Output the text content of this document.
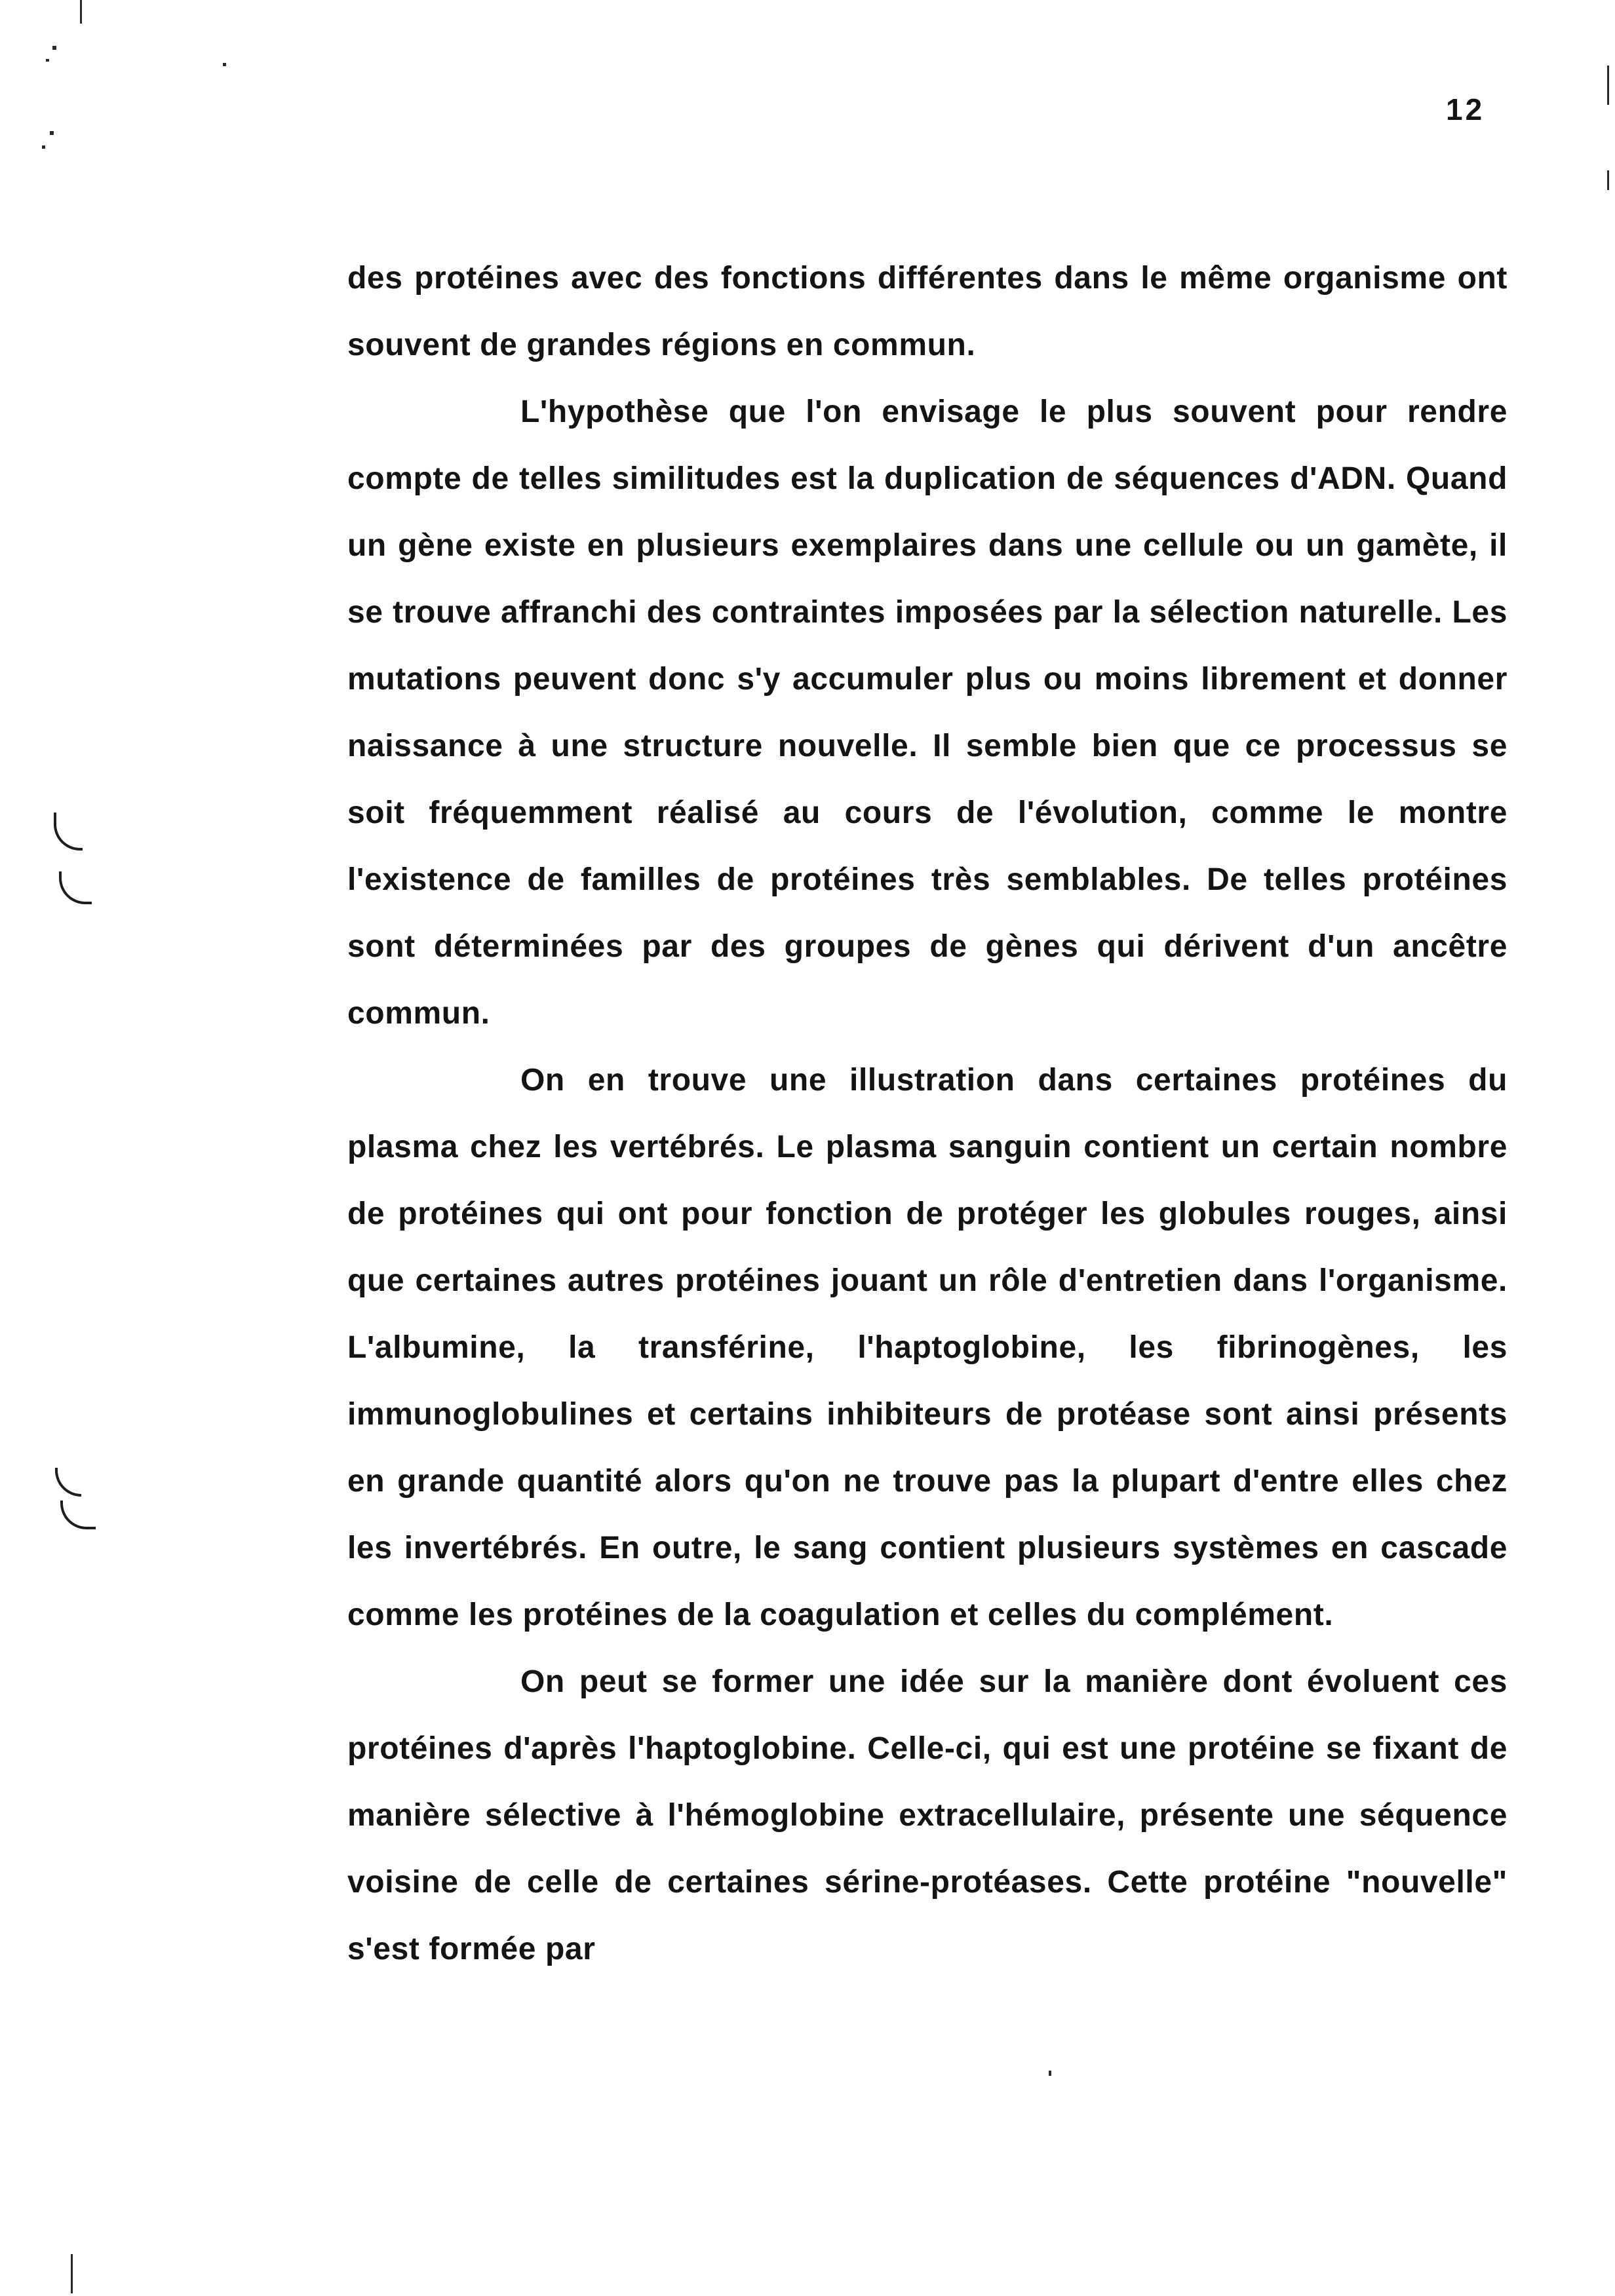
12

des protéines avec des fonctions différentes dans le même organisme ont souvent de grandes régions en commun.

L'hypothèse que l'on envisage le plus souvent pour rendre compte de telles similitudes est la duplication de séquences d'ADN. Quand un gène existe en plusieurs exemplaires dans une cellule ou un gamète, il se trouve affranchi des contraintes imposées par la sélection naturelle. Les mutations peuvent donc s'y accumuler plus ou moins librement et donner naissance à une structure nouvelle. Il semble bien que ce processus se soit fréquemment réalisé au cours de l'évolution, comme le montre l'existence de familles de protéines très semblables. De telles protéines sont déterminées par des groupes de gènes qui dérivent d'un ancêtre commun.

On en trouve une illustration dans certaines protéines du plasma chez les vertébrés. Le plasma sanguin contient un certain nombre de protéines qui ont pour fonction de protéger les globules rouges, ainsi que certaines autres protéines jouant un rôle d'entretien dans l'organisme. L'albumine, la transférine, l'haptoglobine, les fibrinogènes, les immunoglobulines et certains inhibiteurs de protéase sont ainsi présents en grande quantité alors qu'on ne trouve pas la plupart d'entre elles chez les invertébrés. En outre, le sang contient plusieurs systèmes en cascade comme les protéines de la coagulation et celles du complément.

On peut se former une idée sur la manière dont évoluent ces protéines d'après l'haptoglobine. Celle-ci, qui est une protéine se fixant de manière sélective à l'hémoglobine extracellulaire, présente une séquence voisine de celle de certaines sérine-protéases. Cette protéine "nouvelle" s'est formée par
